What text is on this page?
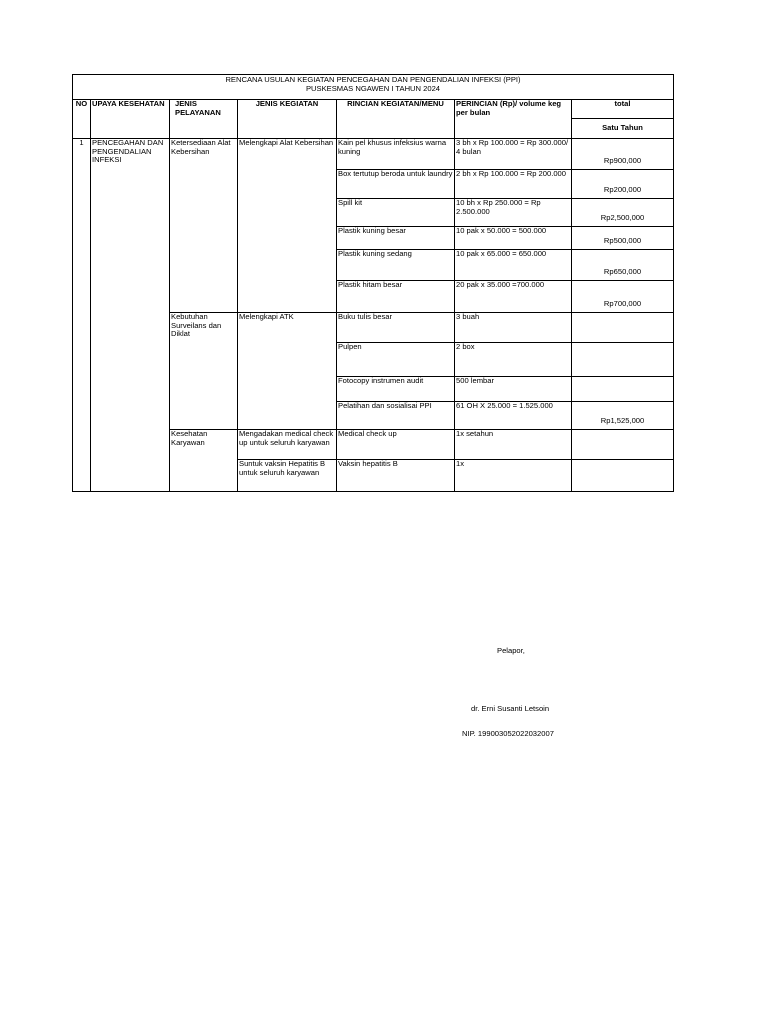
RENCANA USULAN KEGIATAN PENCEGAHAN DAN PENGENDALIAN INFEKSI (PPI)
PUSKESMAS NGAWEN I TAHUN 2024						

NO	UPAYA KESEHATAN	JENIS PELAYANAN	JENIS KEGIATAN	RINCIAN KEGIATAN/MENU	PERINCIAN (Rp)/ volume keg per bulan	total
						Satu Tahun
1	PENCEGAHAN DAN PENGENDALIAN INFEKSI	Ketersediaan Alat Kebersihan	Melengkapi Alat Kebersihan	Kain pel khusus infeksius warna kuning	3 bh x Rp 100.000 = Rp 300.000/ 4 bulan	Rp900,000
				Box tertutup beroda untuk laundry	2 bh x Rp 100.000 = Rp 200.000	Rp200,000
				Spill kit	10 bh x Rp 250.000 = Rp 2.500.000	Rp2,500,000
				Plastik kuning besar	10 pak x 50.000 = 500.000	Rp500,000
				Plastik kuning sedang	10 pak x 65.000 = 650.000	Rp650,000
				Plastik hitam besar	20 pak x 35.000 =700.000	Rp700,000
		Kebutuhan Surveilans dan Diklat	Melengkapi ATK	Buku tulis besar	3 buah	
				Pulpen	2 box	
				Fotocopy instrumen audit	500 lembar	
				Pelatihan dan sosialisai PPI	61 OH X 25.000 = 1.525.000	Rp1,525,000
		Kesehatan Karyawan	Mengadakan medical check up untuk seluruh karyawan	Medical check up	1x setahun	
			Suntuk vaksin Hepatitis B untuk seluruh karyawan	Vaksin hepatitis B	1x	
Pelapor,
dr. Erni Susanti Letsoin
NIP. 199003052022032007
